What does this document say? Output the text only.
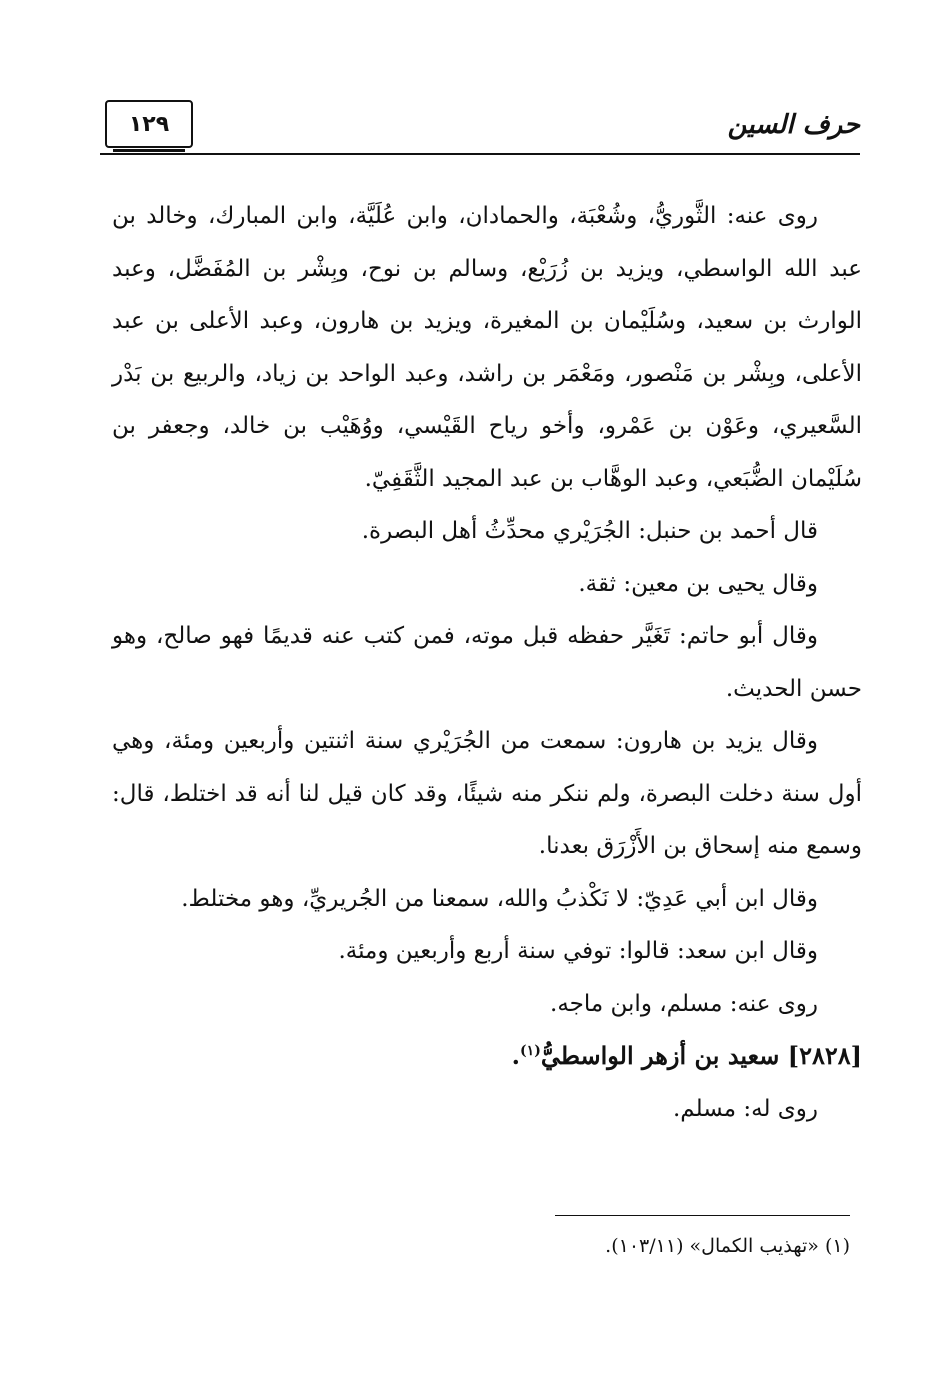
١٢٩	حرف السين

روى عنه: الثَّوريُّ، وشُعْبَة، والحمادان، وابن عُلَيَّة، وابن المبارك، وخالد بن عبد الله الواسطي، ويزيد بن زُرَيْع، وسالم بن نوح، وبِشْر بن المُفَضَّل، وعبد الوارث بن سعيد، وسُلَيْمان بن المغيرة، ويزيد بن هارون، وعبد الأعلى بن عبد الأعلى، وبِشْر بن مَنْصور، ومَعْمَر بن راشد، وعبد الواحد بن زياد، والربيع بن بَدْر السَّعيري، وعَوْن بن عَمْرو، وأخو رياح القَيْسي، ووُهَيْب بن خالد، وجعفر بن سُلَيْمان الضُّبَعي، وعبد الوهَّاب بن عبد المجيد الثَّقَفِيّ.

قال أحمد بن حنبل: الجُرَيْري محدِّثُ أهل البصرة.

وقال يحيى بن معين: ثقة.

وقال أبو حاتم: تَغَيَّر حفظه قبل موته، فمن كتب عنه قديمًا فهو صالح، وهو حسن الحديث.

وقال يزيد بن هارون: سمعت من الجُرَيْري سنة اثنتين وأربعين ومئة، وهي أول سنة دخلت البصرة، ولم ننكر منه شيئًا، وقد كان قيل لنا أنه قد اختلط، قال: وسمع منه إسحاق بن الأَزْرَق بعدنا.

وقال ابن أبي عَدِيّ: لا نَكْذبُ والله، سمعنا من الجُريريِّ، وهو مختلط.

وقال ابن سعد: قالوا: توفي سنة أربع وأربعين ومئة.

روى عنه: مسلم، وابن ماجه.

[٢٨٢٨] سعيد بن أزهر الواسطيُّ$^{(١)}$.

روى له: مسلم.

(١) «تهذيب الكمال» (١٠٣/١١).
